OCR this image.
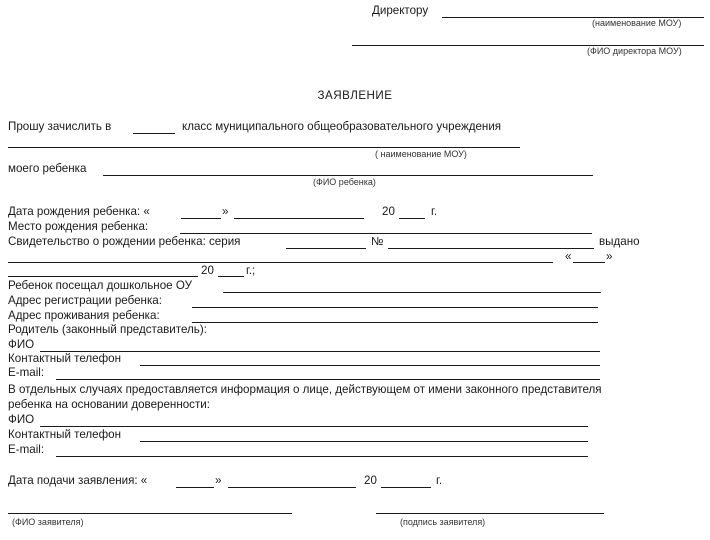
Директору
(наименование МОУ)
(ФИО директора МОУ)
ЗАЯВЛЕНИЕ
Прошу зачислить в	класс муниципального общеобразовательного учреждения
( наименование МОУ)
моего ребенка
(ФИО ребенка)
Дата рождения ребенка: «	»	20	г.
Место рождения ребенка:
Свидетельство о рождении ребенка: серия	№	выдано
«	»
20	г.;
Ребенок посещал дошкольное ОУ
Адрес регистрации ребенка:
Адрес проживания ребенка:
Родитель (законный представитель):
ФИО
Контактный телефон
E-mail:
В отдельных случаях предоставляется информация о лице, действующем от имени законного представителя
ребенка на основании доверенности:
ФИО
Контактный телефон
E-mail:
Дата подачи заявления: «	»	20	г.
(ФИО заявителя)	(подпись заявителя)
